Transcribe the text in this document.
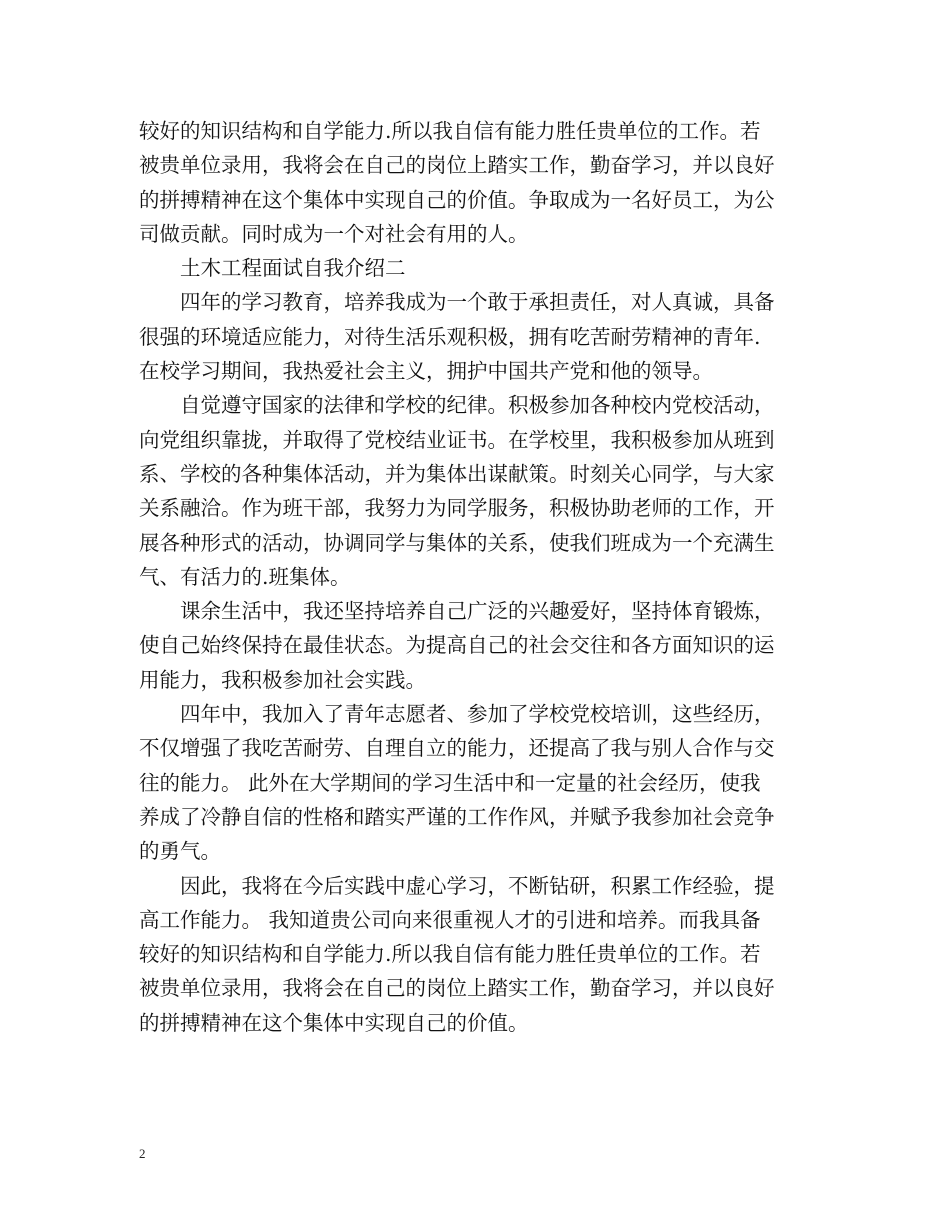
较好的知识结构和自学能力.所以我自信有能力胜任贵单位的工作。若
被贵单位录用，我将会在自己的岗位上踏实工作，勤奋学习，并以良好
的拼搏精神在这个集体中实现自己的价值。争取成为一名好员工，为公
司做贡献。同时成为一个对社会有用的人。
土木工程面试自我介绍二
四年的学习教育，培养我成为一个敢于承担责任，对人真诚，具备
很强的环境适应能力，对待生活乐观积极，拥有吃苦耐劳精神的青年.
在校学习期间，我热爱社会主义，拥护中国共产党和他的领导。
自觉遵守国家的法律和学校的纪律。积极参加各种校内党校活动，
向党组织靠拢，并取得了党校结业证书。在学校里，我积极参加从班到
系、学校的各种集体活动，并为集体出谋献策。时刻关心同学，与大家
关系融洽。作为班干部，我努力为同学服务，积极协助老师的工作，开
展各种形式的活动，协调同学与集体的关系，使我们班成为一个充满生
气、有活力的.班集体。
课余生活中，我还坚持培养自己广泛的兴趣爱好，坚持体育锻炼，
使自己始终保持在最佳状态。为提高自己的社会交往和各方面知识的运
用能力，我积极参加社会实践。
四年中，我加入了青年志愿者、参加了学校党校培训，这些经历，
不仅增强了我吃苦耐劳、自理自立的能力，还提高了我与别人合作与交
往的能力。 此外在大学期间的学习生活中和一定量的社会经历，使我
养成了冷静自信的性格和踏实严谨的工作作风，并赋予我参加社会竞争
的勇气。
因此，我将在今后实践中虚心学习，不断钻研，积累工作经验，提
高工作能力。 我知道贵公司向来很重视人才的引进和培养。而我具备
较好的知识结构和自学能力.所以我自信有能力胜任贵单位的工作。若
被贵单位录用，我将会在自己的岗位上踏实工作，勤奋学习，并以良好
的拼搏精神在这个集体中实现自己的价值。
2
